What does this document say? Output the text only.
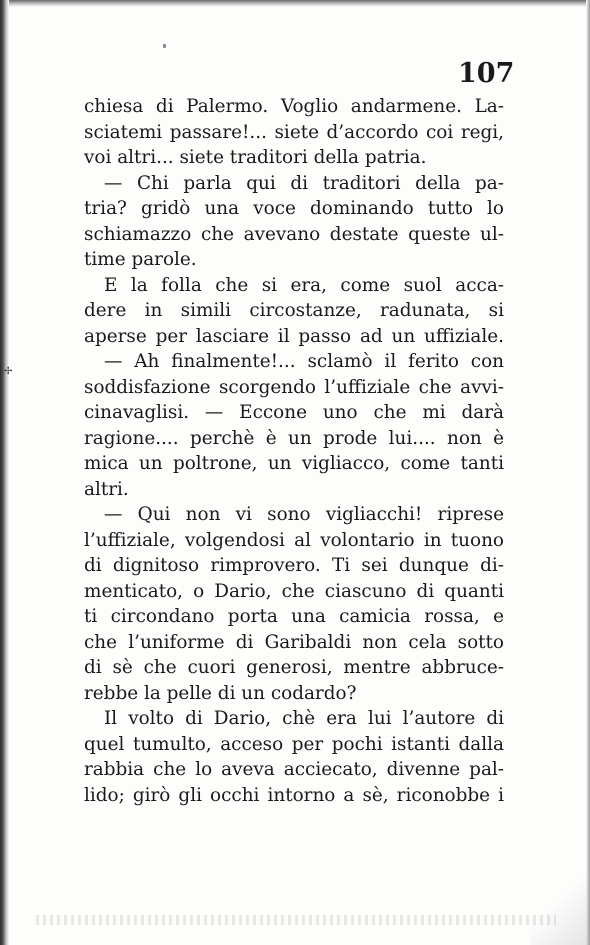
✢
107
chiesa di Palermo. Voglio andarmene. La-
sciatemi passare!... siete d’accordo coi regi,
voi altri... siete traditori della patria.
— Chi parla qui di traditori della pa-
tria? gridò una voce dominando tutto lo
schiamazzo che avevano destate queste ul-
time parole.
E la folla che si era, come suol acca-
dere in simili circostanze, radunata, si
aperse per lasciare il passo ad un uffiziale.
— Ah finalmente!... sclamò il ferito con
soddisfazione scorgendo l’uffiziale che avvi-
cinavaglisi. — Eccone uno che mi darà
ragione.... perchè è un prode lui.... non è
mica un poltrone, un vigliacco, come tanti
altri.
— Qui non vi sono vigliacchi! riprese
l’uffiziale, volgendosi al volontario in tuono
di dignitoso rimprovero. Ti sei dunque di-
menticato, o Dario, che ciascuno di quanti
ti circondano porta una camicia rossa, e
che l’uniforme di Garibaldi non cela sotto
di sè che cuori generosi, mentre abbruce-
rebbe la pelle di un codardo?
Il volto di Dario, chè era lui l’autore di
quel tumulto, acceso per pochi istanti dalla
rabbia che lo aveva acciecato, divenne pal-
lido; girò gli occhi intorno a sè, riconobbe i
